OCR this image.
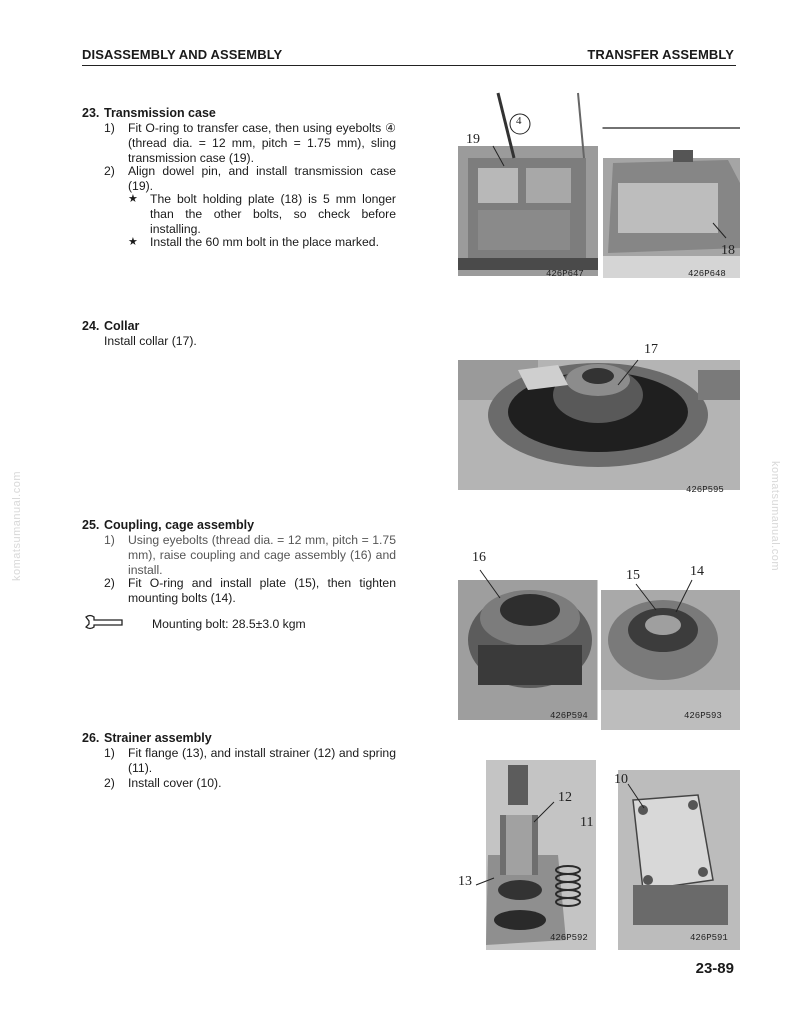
DISASSEMBLY AND ASSEMBLY	TRANSFER ASSEMBLY
komatsumanual.com	komatsumanual.com
23. Transmission case
1)	Fit O-ring to transfer case, then using eyebolts ④ (thread dia. = 12 mm, pitch = 1.75 mm), sling transmission case (19).
2)	Align dowel pin, and install transmission case (19).
★ The bolt holding plate (18) is 5 mm longer than the other bolts, so check before installing.
★ Install the 60 mm bolt in the place marked.
19
4
18
426P647	426P648
24. Collar
Install collar (17).
17
426P595
25. Coupling, cage assembly
1)	Using eyebolts (thread dia. = 12 mm, pitch = 1.75 mm), raise coupling and cage assembly (16) and install.
2)	Fit O-ring and install plate (15), then tighten mounting bolts (14).
Mounting bolt: 28.5±3.0 kgm
16
15	14
426P594	426P593
26. Strainer assembly
1)	Fit flange (13), and install strainer (12) and spring (11).
2)	Install cover (10).
12
11
13
10
426P592	426P591
23-89
